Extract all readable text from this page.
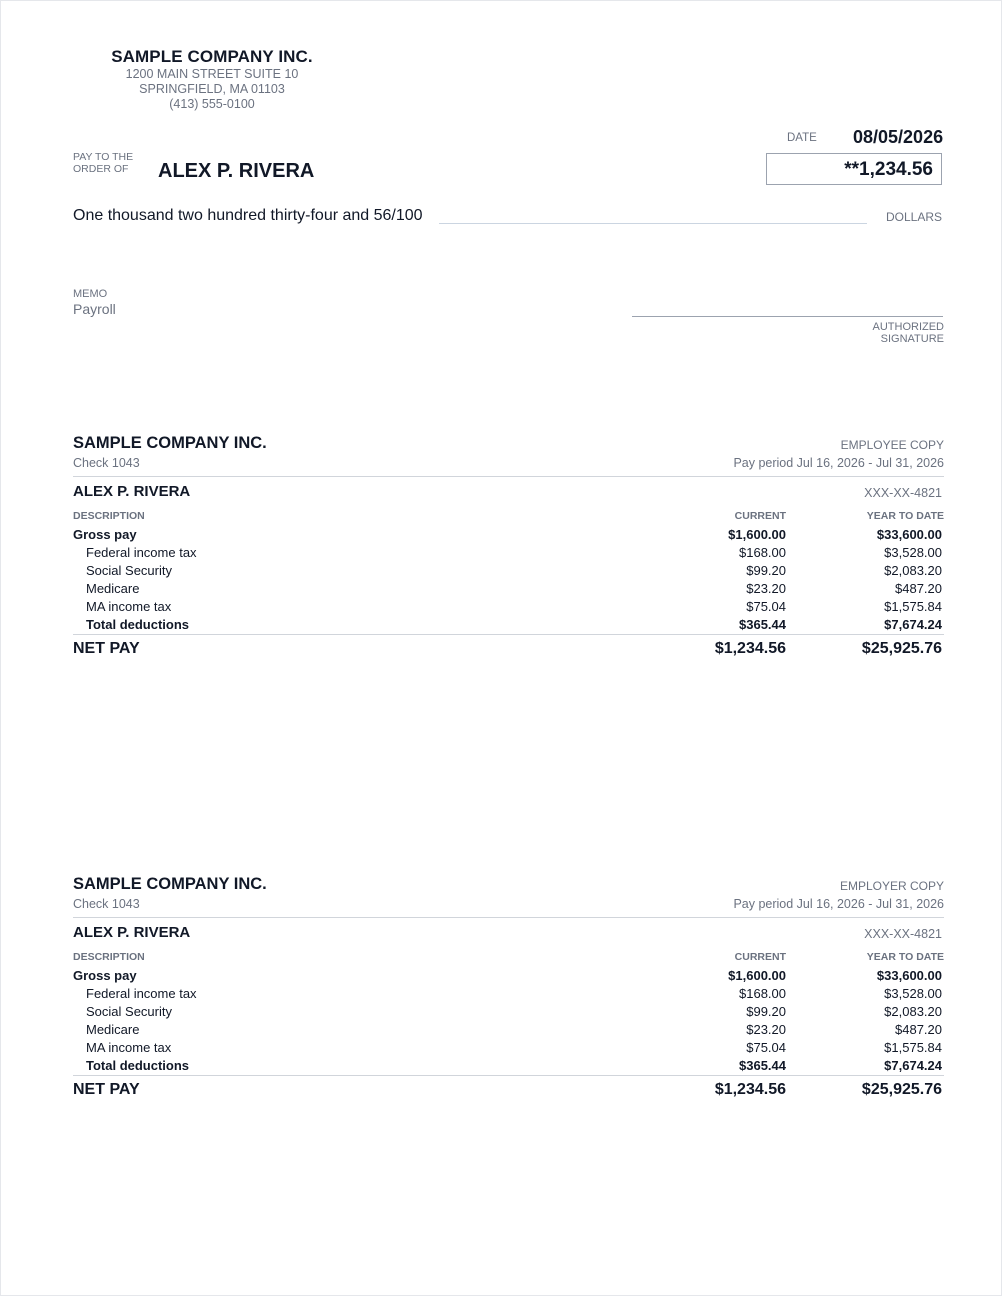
SAMPLE COMPANY INC.
1200 MAIN STREET SUITE 10
SPRINGFIELD, MA 01103
(413) 555-0100
DATE 08/05/2026
PAY TO THE
ORDER OF ALEX P. RIVERA	**1,234.56
One thousand two hundred thirty-four and 56/100	DOLLARS
MEMO
Payroll
AUTHORIZED SIGNATURE
SAMPLE COMPANY INC.	EMPLOYEE COPY
Check 1043	Pay period Jul 16, 2026 - Jul 31, 2026
ALEX P. RIVERA	XXX-XX-4821
DESCRIPTION	CURRENT	YEAR TO DATE
Gross pay	$1,600.00	$33,600.00
Federal income tax	$168.00	$3,528.00
Social Security	$99.20	$2,083.20
Medicare	$23.20	$487.20
MA income tax	$75.04	$1,575.84
Total deductions	$365.44	$7,674.24
NET PAY	$1,234.56	$25,925.76
SAMPLE COMPANY INC.	EMPLOYER COPY
Check 1043	Pay period Jul 16, 2026 - Jul 31, 2026
ALEX P. RIVERA	XXX-XX-4821
DESCRIPTION	CURRENT	YEAR TO DATE
Gross pay	$1,600.00	$33,600.00
Federal income tax	$168.00	$3,528.00
Social Security	$99.20	$2,083.20
Medicare	$23.20	$487.20
MA income tax	$75.04	$1,575.84
Total deductions	$365.44	$7,674.24
NET PAY	$1,234.56	$25,925.76
